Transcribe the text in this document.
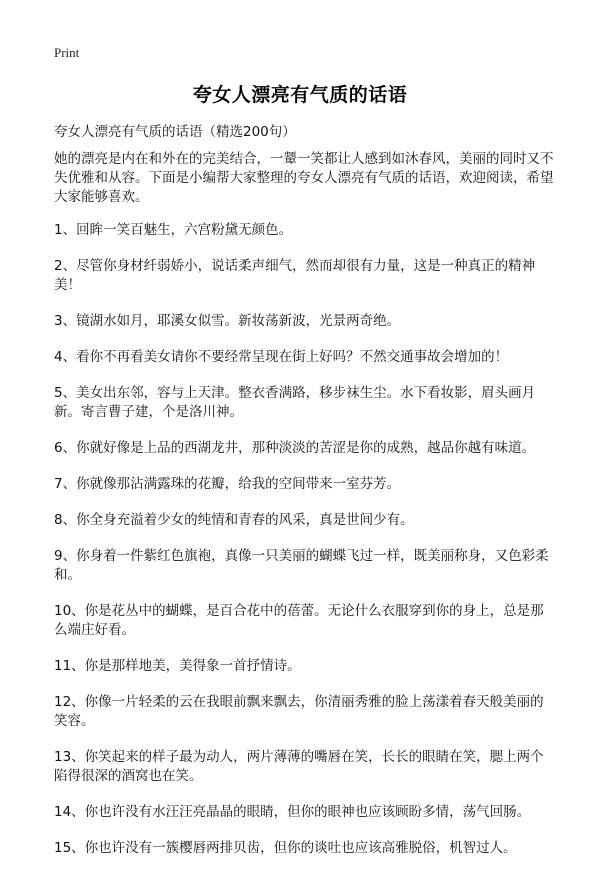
Print
夸女人漂亮有气质的话语
夸女人漂亮有气质的话语（精选200句）

她的漂亮是内在和外在的完美结合，一颦一笑都让人感到如沐春风，美丽的同时又不失优雅和从容。下面是小编帮大家整理的夸女人漂亮有气质的话语，欢迎阅读，希望大家能够喜欢。

1、回眸一笑百魅生，六宫粉黛无颜色。

2、尽管你身材纤弱娇小，说话柔声细气，然而却很有力量，这是一种真正的精神美！

3、镜湖水如月，耶溪女似雪。新妆荡新波，光景两奇绝。

4、看你不再看美女请你不要经常呈现在街上好吗？不然交通事故会增加的！

5、美女出东邻，容与上天津。整衣香满路，移步袜生尘。水下看妆影，眉头画月新。寄言曹子建，个是洛川神。

6、你就好像是上品的西湖龙井，那种淡淡的苦涩是你的成熟，越品你越有味道。

7、你就像那沾满露珠的花瓣，给我的空间带来一室芬芳。

8、你全身充溢着少女的纯情和青春的风采，真是世间少有。

9、你身着一件紫红色旗袍，真像一只美丽的蝴蝶飞过一样，既美丽称身，又色彩柔和。

10、你是花丛中的蝴蝶，是百合花中的蓓蕾。无论什么衣服穿到你的身上，总是那么端庄好看。

11、你是那样地美，美得象一首抒情诗。

12、你像一片轻柔的云在我眼前飘来飘去，你清丽秀雅的脸上荡漾着春天般美丽的笑容。

13、你笑起来的样子最为动人，两片薄薄的嘴唇在笑，长长的眼睛在笑，腮上两个陷得很深的酒窝也在笑。

14、你也许没有水汪汪亮晶晶的眼睛，但你的眼神也应该顾盼多情，荡气回肠。

15、你也许没有一簇樱唇两排贝齿，但你的谈吐也应该高雅脱俗，机智过人。
